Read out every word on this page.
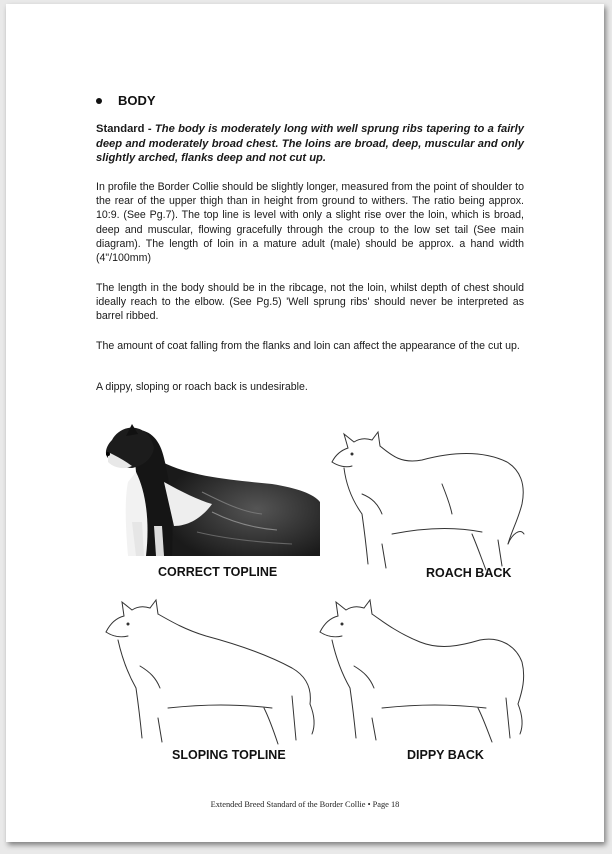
BODY
Standard - The body is moderately long with well sprung ribs tapering to a fairly deep and moderately broad chest. The loins are broad, deep, muscular and only slightly arched, flanks deep and not cut up.
In profile the Border Collie should be slightly longer, measured from the point of shoulder to the rear of the upper thigh than in height from ground to withers. The ratio being approx. 10:9. (See Pg.7). The top line is level with only a slight rise over the loin, which is broad, deep and muscular, flowing gracefully through the croup to the low set tail (See main diagram). The length of loin in a mature adult (male) should be approx. a hand width (4"/100mm)
The length in the body should be in the ribcage, not the loin, whilst depth of chest should ideally reach to the elbow. (See Pg.5) 'Well sprung ribs' should never be interpreted as barrel ribbed.
The amount of coat falling from the flanks and loin can affect the appearance of the cut up.
A dippy, sloping or roach back is undesirable.
CORRECT TOPLINE	ROACH BACK
SLOPING TOPLINE	DIPPY BACK
Extended Breed Standard of the Border Collie • Page 18
